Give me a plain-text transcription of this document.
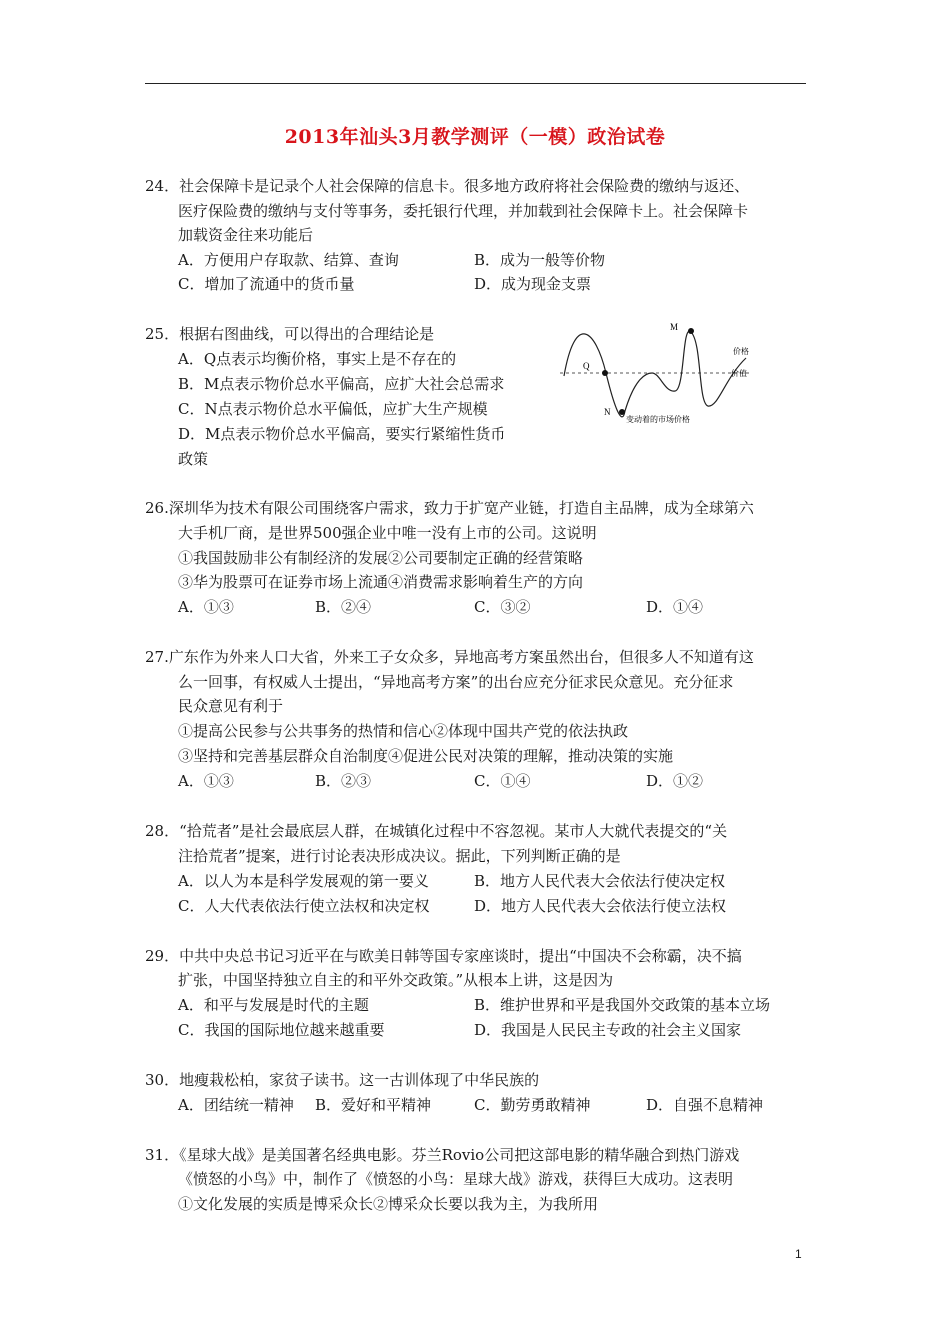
2013年汕头3月教学测评（一模）政治试卷
24．社会保障卡是记录个人社会保障的信息卡。很多地方政府将社会保险费的缴纳与返还、
医疗保险费的缴纳与支付等事务，委托银行代理，并加载到社会保障卡上。社会保障卡
加载资金往来功能后
A．方便用户存取款、结算、查询	B．成为一般等价物
C．增加了流通中的货币量	D．成为现金支票
25．根据右图曲线，可以得出的合理结论是
A．Q点表示均衡价格，事实上是不存在的
B．M点表示物价总水平偏高，应扩大社会总需求
C．N点表示物价总水平偏低，应扩大生产规模
D．M点表示物价总水平偏高，要实行紧缩性货币
政策
M
Q
N
价格
价值
变动着的市场价格
26.深圳华为技术有限公司围绕客户需求，致力于扩宽产业链，打造自主品牌，成为全球第六
大手机厂商，是世界500强企业中唯一没有上市的公司。这说明
①我国鼓励非公有制经济的发展②公司要制定正确的经营策略
③华为股票可在证券市场上流通④消费需求影响着生产的方向
A．①③	B．②④	C．③②	D．①④
27.广东作为外来人口大省，外来工子女众多，异地高考方案虽然出台，但很多人不知道有这
么一回事，有权威人士提出，“异地高考方案”的出台应充分征求民众意见。充分征求
民众意见有利于
①提高公民参与公共事务的热情和信心②体现中国共产党的依法执政
③坚持和完善基层群众自治制度④促进公民对决策的理解，推动决策的实施
A．①③	B．②③	C．①④	D．①②
28．“拾荒者”是社会最底层人群，在城镇化过程中不容忽视。某市人大就代表提交的“关
注拾荒者”提案，进行讨论表决形成决议。据此，下列判断正确的是
A．以人为本是科学发展观的第一要义	B．地方人民代表大会依法行使决定权
C．人大代表依法行使立法权和决定权	D．地方人民代表大会依法行使立法权
29．中共中央总书记习近平在与欧美日韩等国专家座谈时，提出“中国决不会称霸，决不搞
扩张，中国坚持独立自主的和平外交政策。”从根本上讲，这是因为
A．和平与发展是时代的主题	B．维护世界和平是我国外交政策的基本立场
C．我国的国际地位越来越重要	D．我国是人民民主专政的社会主义国家
30．地瘦栽松柏，家贫子读书。这一古训体现了中华民族的
A．团结统一精神 B．爱好和平精神	C．勤劳勇敢精神	D．自强不息精神
31．《星球大战》是美国著名经典电影。芬兰Rovio公司把这部电影的精华融合到热门游戏
《愤怒的小鸟》中，制作了《愤怒的小鸟：星球大战》游戏，获得巨大成功。这表明
①文化发展的实质是博采众长②博采众长要以我为主，为我所用
1
